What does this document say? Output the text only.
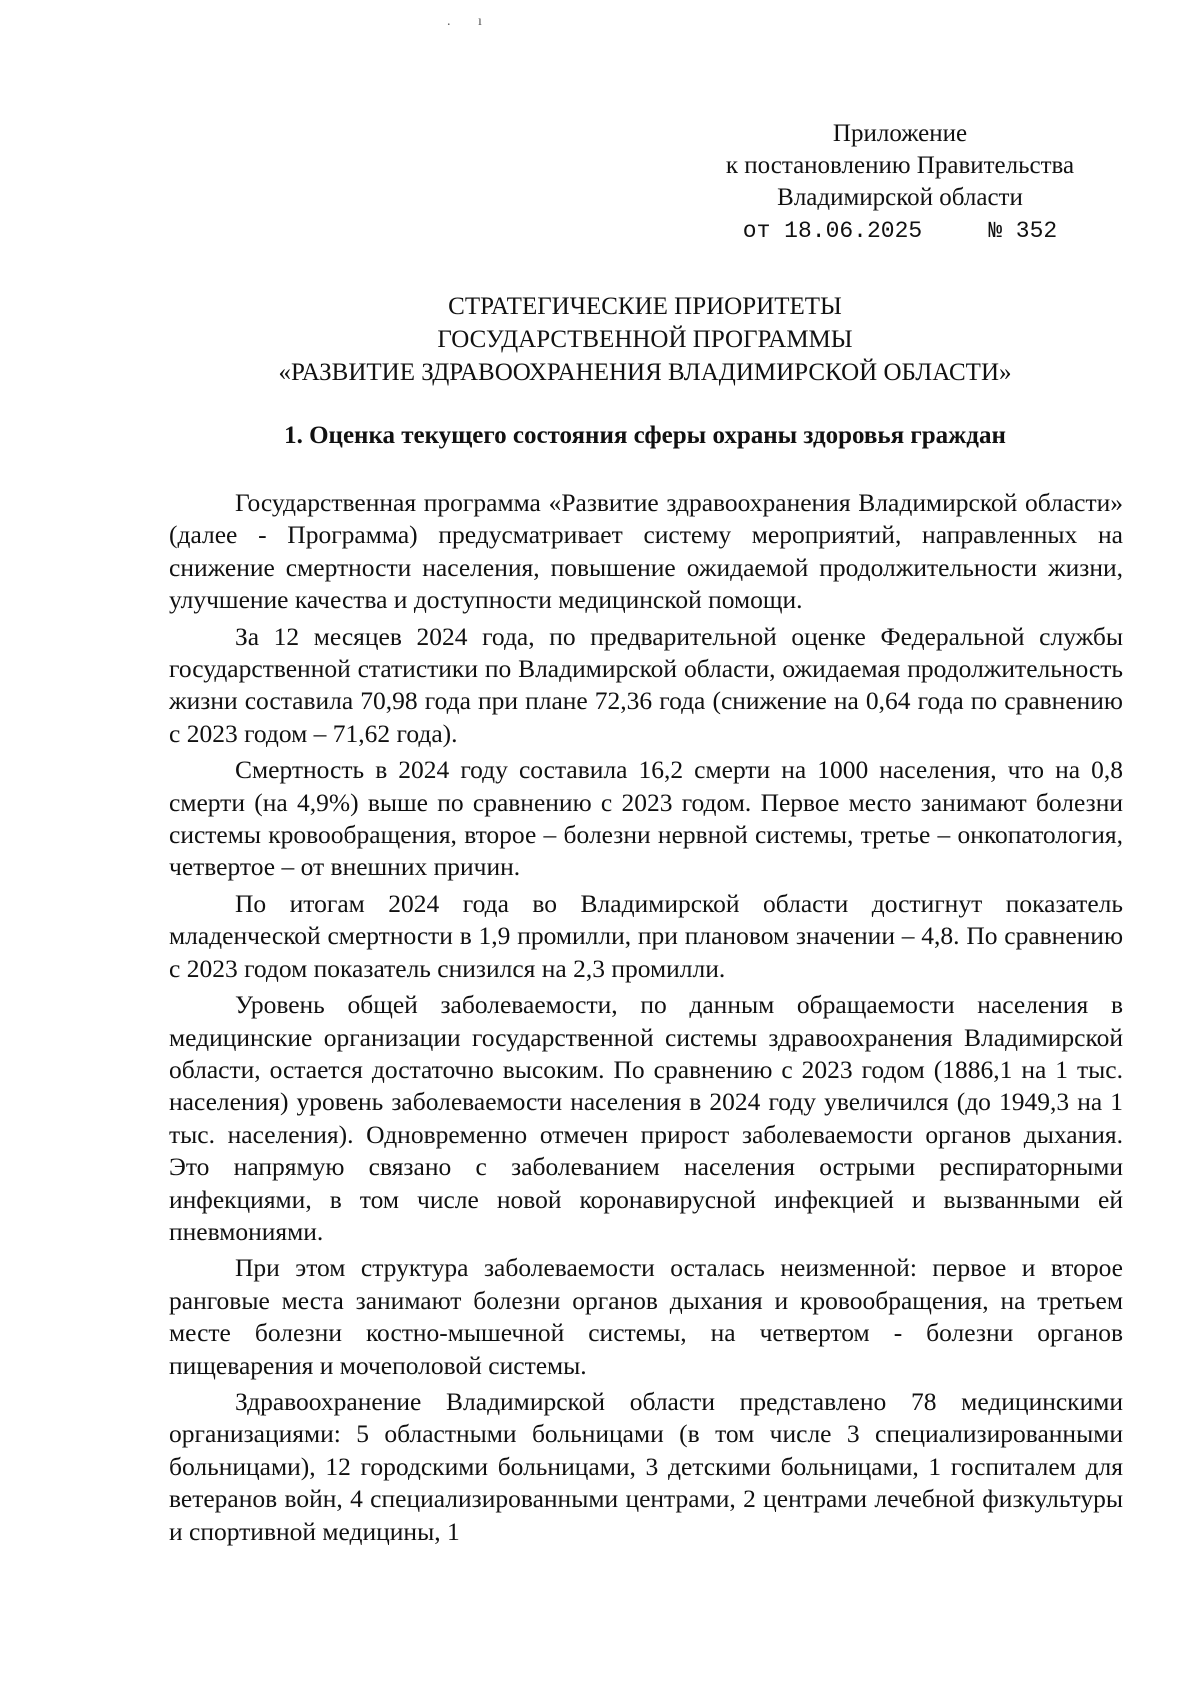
. ı
Приложение
к постановлению Правительства
Владимирской области
от 18.06.2025	№ 352
СТРАТЕГИЧЕСКИЕ ПРИОРИТЕТЫ
ГОСУДАРСТВЕННОЙ ПРОГРАММЫ
«РАЗВИТИЕ ЗДРАВООХРАНЕНИЯ ВЛАДИМИРСКОЙ ОБЛАСТИ»
1. Оценка текущего состояния сферы охраны здоровья граждан

Государственная программа «Развитие здравоохранения Владимирской области» (далее - Программа) предусматривает систему мероприятий, направленных на снижение смертности населения, повышение ожидаемой продолжительности жизни, улучшение качества и доступности медицинской помощи.

За 12 месяцев 2024 года, по предварительной оценке Федеральной службы государственной статистики по Владимирской области, ожидаемая продолжительность жизни составила 70,98 года при плане 72,36 года (снижение на 0,64 года по сравнению с 2023 годом – 71,62 года).

Смертность в 2024 году составила 16,2 смерти на 1000 населения, что на 0,8 смерти (на 4,9%) выше по сравнению с 2023 годом. Первое место занимают болезни системы кровообращения, второе – болезни нервной системы, третье – онкопатология, четвертое – от внешних причин.

По итогам 2024 года во Владимирской области достигнут показатель младенческой смертности в 1,9 промилли, при плановом значении – 4,8. По сравнению с 2023 годом показатель снизился на 2,3 промилли.

Уровень общей заболеваемости, по данным обращаемости населения в медицинские организации государственной системы здравоохранения Владимирской области, остается достаточно высоким. По сравнению с 2023 годом (1886,1 на 1 тыс. населения) уровень заболеваемости населения в 2024 году увеличился (до 1949,3 на 1 тыс. населения). Одновременно отмечен прирост заболеваемости органов дыхания. Это напрямую связано с заболеванием населения острыми респираторными инфекциями, в том числе новой коронавирусной инфекцией и вызванными ей пневмониями.

При этом структура заболеваемости осталась неизменной: первое и второе ранговые места занимают болезни органов дыхания и кровообращения, на третьем месте болезни костно-мышечной системы, на четвертом - болезни органов пищеварения и мочеполовой системы.

Здравоохранение Владимирской области представлено 78 медицинскими организациями: 5 областными больницами (в том числе 3 специализированными больницами), 12 городскими больницами, 3 детскими больницами, 1 госпиталем для ветеранов войн, 4 специализированными центрами, 2 центрами лечебной физкультуры и спортивной медицины, 1
